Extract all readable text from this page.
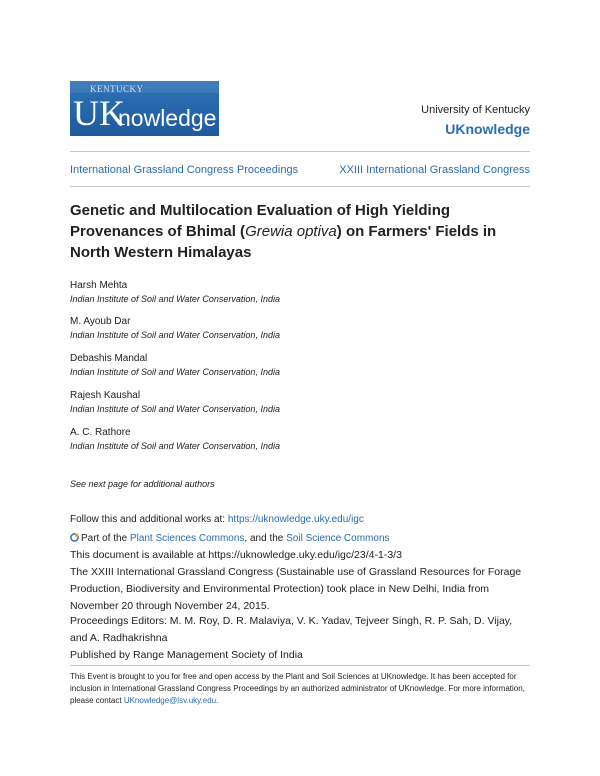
KENTUCKY
UK
nowledge	University of Kentucky
UKnowledge
International Grassland Congress Proceedings	XXIII International Grassland Congress
Genetic and Multilocation Evaluation of High Yielding Provenances of Bhimal (Grewia optiva) on Farmers' Fields in North Western Himalayas
Harsh Mehta
Indian Institute of Soil and Water Conservation, India
M. Ayoub Dar
Indian Institute of Soil and Water Conservation, India
Debashis Mandal
Indian Institute of Soil and Water Conservation, India
Rajesh Kaushal
Indian Institute of Soil and Water Conservation, India
A. C. Rathore
Indian Institute of Soil and Water Conservation, India
See next page for additional authors
Follow this and additional works at: https://uknowledge.uky.edu/igc
Part of the Plant Sciences Commons, and the Soil Science Commons
This document is available at https://uknowledge.uky.edu/igc/23/4-1-3/3
The XXIII International Grassland Congress (Sustainable use of Grassland Resources for Forage Production, Biodiversity and Environmental Protection) took place in New Delhi, India from November 20 through November 24, 2015.
Proceedings Editors: M. M. Roy, D. R. Malaviya, V. K. Yadav, Tejveer Singh, R. P. Sah, D. Vijay, and A. Radhakrishna
Published by Range Management Society of India
This Event is brought to you for free and open access by the Plant and Soil Sciences at UKnowledge. It has been accepted for inclusion in International Grassland Congress Proceedings by an authorized administrator of UKnowledge. For more information, please contact UKnowledge@lsv.uky.edu.
